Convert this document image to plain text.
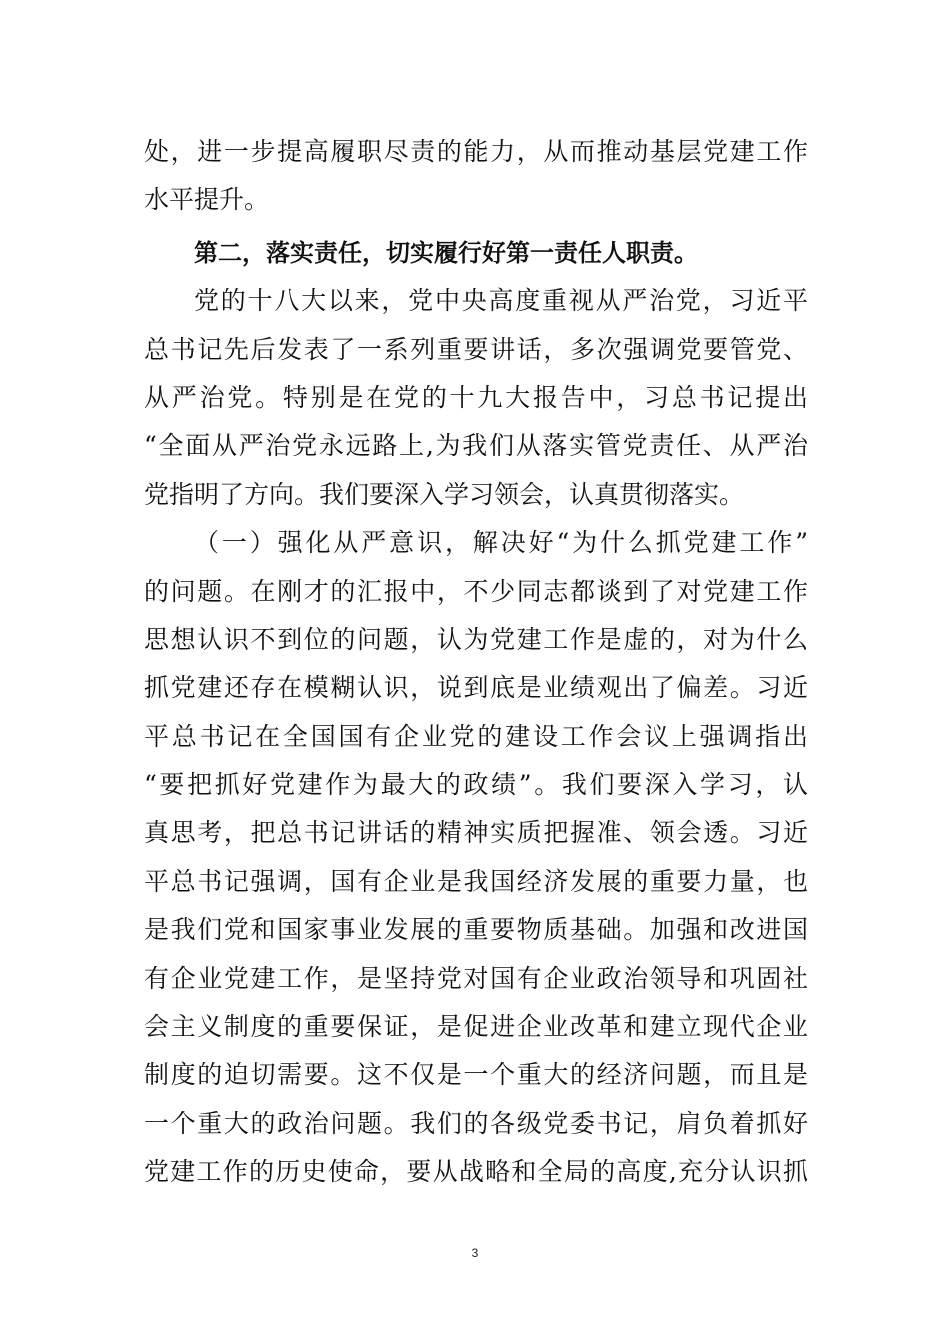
处，进一步提高履职尽责的能力，从而推动基层党建工作
水平提升。
第二，落实责任，切实履行好第一责任人职责。
党的十八大以来，党中央高度重视从严治党，习近平
总书记先后发表了一系列重要讲话，多次强调党要管党、
从严治党。特别是在党的十九大报告中，习总书记提出
“全面从严治党永远路上,为我们从落实管党责任、从严治
党指明了方向。我们要深入学习领会，认真贯彻落实。
（一）强化从严意识，解决好“为什么抓党建工作”
的问题。在刚才的汇报中，不少同志都谈到了对党建工作
思想认识不到位的问题，认为党建工作是虚的，对为什么
抓党建还存在模糊认识，说到底是业绩观出了偏差。习近
平总书记在全国国有企业党的建设工作会议上强调指出
“要把抓好党建作为最大的政绩”。我们要深入学习，认
真思考，把总书记讲话的精神实质把握准、领会透。习近
平总书记强调，国有企业是我国经济发展的重要力量，也
是我们党和国家事业发展的重要物质基础。加强和改进国
有企业党建工作，是坚持党对国有企业政治领导和巩固社
会主义制度的重要保证，是促进企业改革和建立现代企业
制度的迫切需要。这不仅是一个重大的经济问题，而且是
一个重大的政治问题。我们的各级党委书记，肩负着抓好
党建工作的历史使命，要从战略和全局的高度,充分认识抓
3
